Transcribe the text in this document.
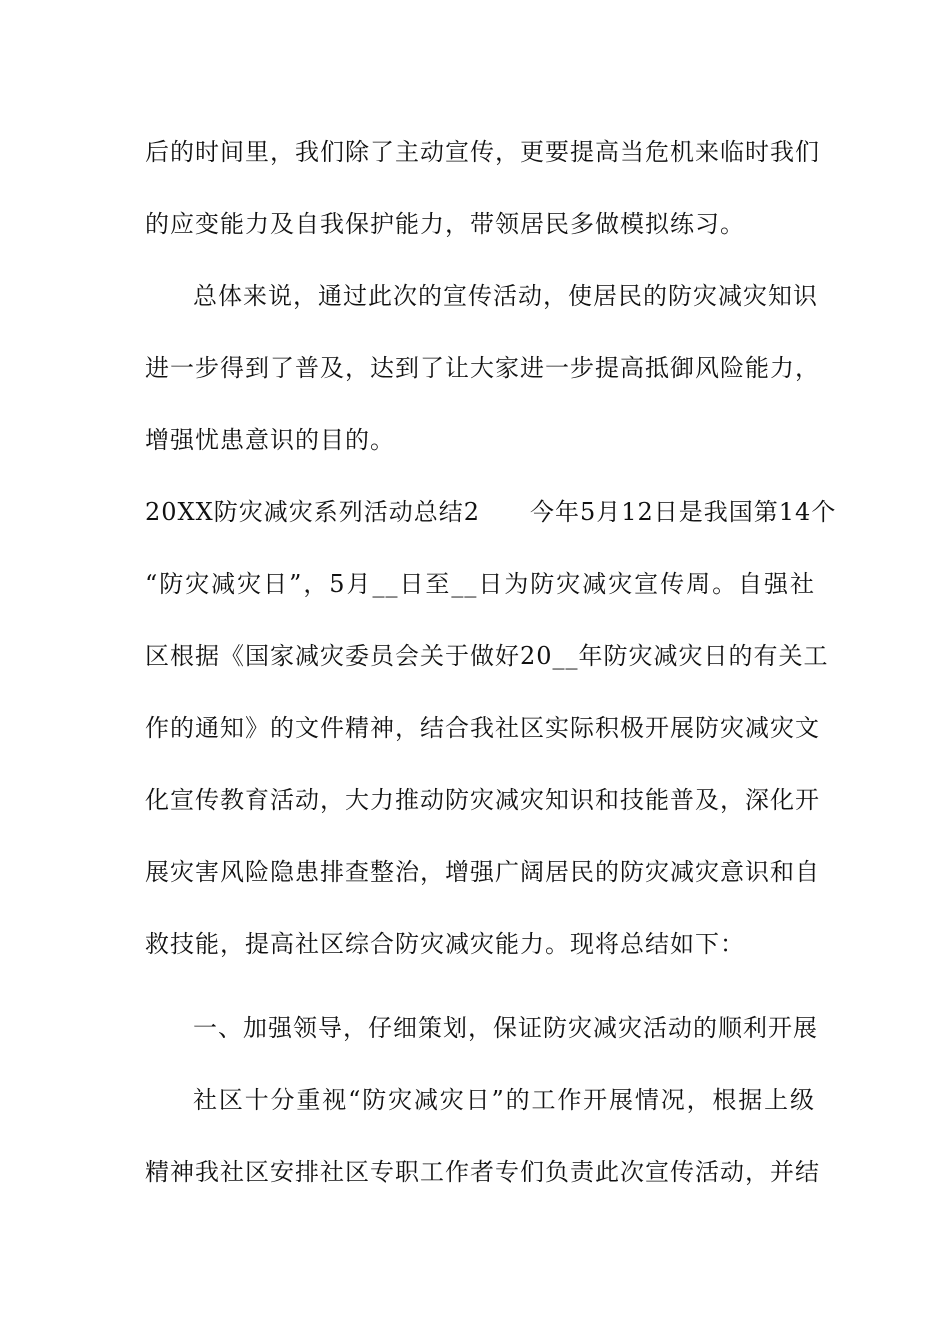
后的时间里，我们除了主动宣传，更要提高当危机来临时我们
的应变能力及自我保护能力，带领居民多做模拟练习。
总体来说，通过此次的宣传活动，使居民的防灾减灾知识
进一步得到了普及，达到了让大家进一步提高抵御风险能力，
增强忧患意识的目的。
20XX防灾减灾系列活动总结2　　今年5月12日是我国第14个
“防灾减灾日”，5月__日至__日为防灾减灾宣传周。自强社
区根据《国家减灾委员会关于做好20__年防灾减灾日的有关工
作的通知》的文件精神，结合我社区实际积极开展防灾减灾文
化宣传教育活动，大力推动防灾减灾知识和技能普及，深化开
展灾害风险隐患排查整治，增强广阔居民的防灾减灾意识和自
救技能，提高社区综合防灾减灾能力。现将总结如下：
一、加强领导，仔细策划，保证防灾减灾活动的顺利开展
社区十分重视“防灾减灾日”的工作开展情况，根据上级
精神我社区安排社区专职工作者专们负责此次宣传活动，并结
